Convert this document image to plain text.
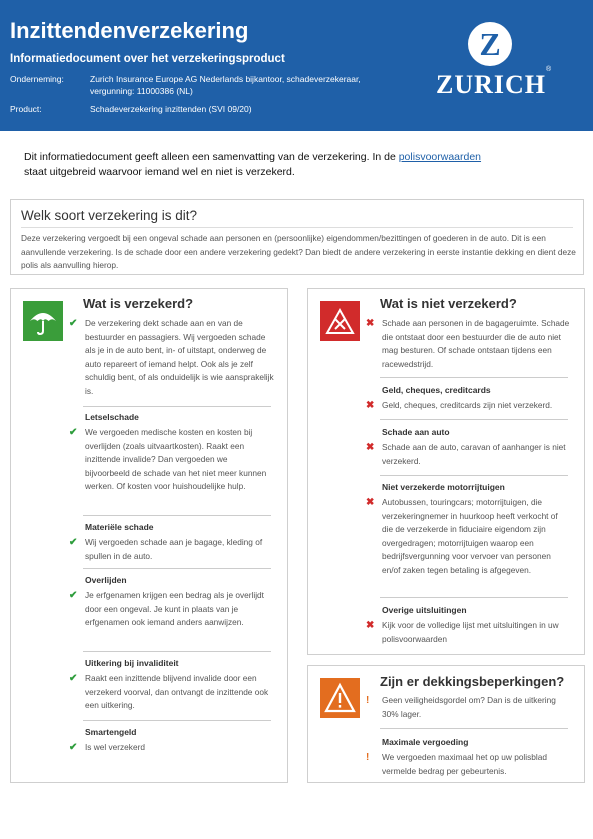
Inzittendenverzekering
Informatiedocument over het verzekeringsproduct
Onderneming:	Zurich Insurance Europe AG Nederlands bijkantoor, schadeverzekeraar,
vergunning: 11000386 (NL)
Product:	Schadeverzekering inzittenden (SVI 09/20)
Z
ZURICH
®
Dit informatiedocument geeft alleen een samenvatting van de verzekering. In de polisvoorwaarden
staat uitgebreid waarvoor iemand wel en niet is verzekerd.
Welk soort verzekering is dit?
Deze verzekering vergoedt bij een ongeval schade aan personen en (persoonlijke) eigendommen/bezittingen of goederen in de auto. Dit is een aanvullende verzekering. Is de schade door een andere verzekering gedekt? Dan biedt de andere verzekering in eerste instantie dekking en dient deze polis als aanvulling hierop.
Wat is verzekerd?
✔ De verzekering dekt schade aan en van de bestuurder en passagiers. Wij vergoeden schade als je in de auto bent, in- of uitstapt, onderweg de auto repareert of iemand helpt. Ook als je zelf schuldig bent, of als onduidelijk is wie aansprakelijk is.
Letselschade
✔ We vergoeden medische kosten en kosten bij overlijden (zoals uitvaartkosten). Raakt een inzittende invalide? Dan vergoeden we bijvoorbeeld de schade van het niet meer kunnen werken. Of kosten voor huishoudelijke hulp.
Materiële schade
✔ Wij vergoeden schade aan je bagage, kleding of spullen in de auto.
Overlijden
✔ Je erfgenamen krijgen een bedrag als je overlijdt door een ongeval. Je kunt in plaats van je erfgenamen ook iemand anders aanwijzen.
Uitkering bij invaliditeit
✔ Raakt een inzittende blijvend invalide door een verzekerd voorval, dan ontvangt de inzittende ook een uitkering.
Smartengeld
✔ Is wel verzekerd
Wat is niet verzekerd?
✖ Schade aan personen in de bagageruimte. Schade die ontstaat door een bestuurder die de auto niet mag besturen. Of schade ontstaan tijdens een racewedstrijd.
Geld, cheques, creditcards
✖ Geld, cheques, creditcards zijn niet verzekerd.
Schade aan auto
✖ Schade aan de auto, caravan of aanhanger is niet verzekerd.
Niet verzekerde motorrijtuigen
✖ Autobussen, touringcars; motorrijtuigen, die verzekeringnemer in huurkoop heeft verkocht of die de verzekerde in fiduciaire eigendom zijn overgedragen; motorrijtuigen waarop een bedrijfsvergunning voor vervoer van personen en/of zaken tegen betaling is afgegeven.
Overige uitsluitingen
✖ Kijk voor de volledige lijst met uitsluitingen in uw polisvoorwaarden
Zijn er dekkingsbeperkingen?
! Geen veiligheidsgordel om? Dan is de uitkering 30% lager.
Maximale vergoeding
! We vergoeden maximaal het op uw polisblad vermelde bedrag per gebeurtenis.
